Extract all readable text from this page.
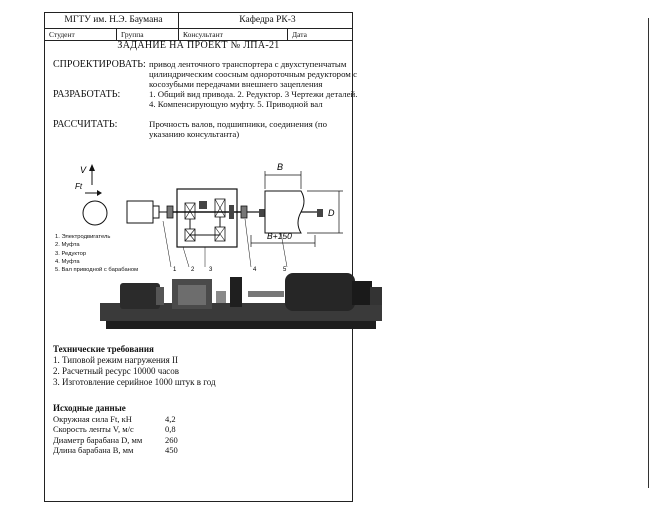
МГТУ им. Н.Э. Баумана	Кафедра РК-3
Студент	Группа	Консультант	Дата
ЗАДАНИЕ НА ПРОЕКТ № ЛПА-21
СПРОЕКТИРОВАТЬ: привод ленточного транспортера с двухступенчатым цилиндрическим соосным одноpоточным редуктором с косозубыми передачами внешнего зацепления
РАЗРАБОТАТЬ:	1. Общий вид привода. 2. Редуктор. 3 Чертежи деталей. 4. Компенсирующую муфту. 5. Приводной вал
РАССЧИТАТЬ:	Прочность валов, подшипники, соединения (по указанию консультанта)
V
Ft
B
B+150
D
1 2 3	4	5
1. Электродвигатель
2. Муфта
3. Редуктор
4. Муфта
5. Вал приводной с барабаном
Технические требования
1. Типовой режим нагружения II
2. Расчетный ресурс 10000 часов
3. Изготовление серийное 1000 штук в год
Исходные данные
Окружная сила Ft, кН	4,2
Скорость ленты V, м/с	0,8
Диаметр барабана D, мм	260
Длина барабана B, мм	450
